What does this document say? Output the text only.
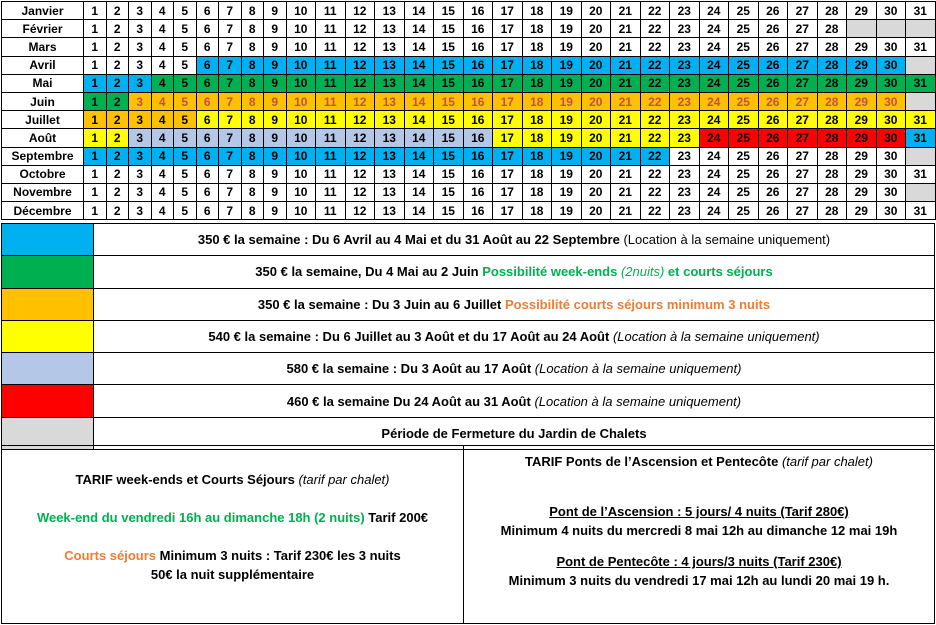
Janvier	1	2	3	4	5	6	7	8	9	10	11	12	13	14	15	16	17	18	19	20	21	22	23	24	25	26	27	28	29	30	31
Février	1	2	3	4	5	6	7	8	9	10	11	12	13	14	15	16	17	18	19	20	21	22	23	24	25	26	27	28			
Mars	1	2	3	4	5	6	7	8	9	10	11	12	13	14	15	16	17	18	19	20	21	22	23	24	25	26	27	28	29	30	31
Avril	1	2	3	4	5	6	7	8	9	10	11	12	13	14	15	16	17	18	19	20	21	22	23	24	25	26	27	28	29	30	
Mai	1	2	3	4	5	6	7	8	9	10	11	12	13	14	15	16	17	18	19	20	21	22	23	24	25	26	27	28	29	30	31
Juin	1	2	3	4	5	6	7	8	9	10	11	12	13	14	15	16	17	18	19	20	21	22	23	24	25	26	27	28	29	30	
Juillet	1	2	3	4	5	6	7	8	9	10	11	12	13	14	15	16	17	18	19	20	21	22	23	24	25	26	27	28	29	30	31
Août	1	2	3	4	5	6	7	8	9	10	11	12	13	14	15	16	17	18	19	20	21	22	23	24	25	26	27	28	29	30	31
Septembre	1	2	3	4	5	6	7	8	9	10	11	12	13	14	15	16	17	18	19	20	21	22	23	24	25	26	27	28	29	30	
Octobre	1	2	3	4	5	6	7	8	9	10	11	12	13	14	15	16	17	18	19	20	21	22	23	24	25	26	27	28	29	30	31
Novembre	1	2	3	4	5	6	7	8	9	10	11	12	13	14	15	16	17	18	19	20	21	22	23	24	25	26	27	28	29	30	
Décembre	1	2	3	4	5	6	7	8	9	10	11	12	13	14	15	16	17	18	19	20	21	22	23	24	25	26	27	28	29	30	31
	350 € la semaine : Du 6 Avril au 4 Mai et du 31 Août au 22 Septembre (Location à la semaine uniquement)
	350 € la semaine, Du 4 Mai au 2 Juin Possibilité week-ends (2nuits) et courts séjours
	350 € la semaine : Du 3 Juin au 6 Juillet Possibilité courts séjours minimum 3 nuits
	540 € la semaine : Du 6 Juillet au 3 Août et du 17 Août au 24 Août (Location à la semaine uniquement)
	580 € la semaine : Du 3 Août au 17 Août (Location à la semaine uniquement)
	460 € la semaine Du 24 Août au 31 Août (Location à la semaine uniquement)
	Période de Fermeture du Jardin de Chalets
TARIF week-ends et Courts Séjours (tarif par chalet)
Week-end du vendredi 16h au dimanche 18h (2 nuits) Tarif 200€
Courts séjours Minimum 3 nuits : Tarif 230€ les 3 nuits
50€ la nuit supplémentaire
TARIF Ponts de l’Ascension et Pentecôte (tarif par chalet)
Pont de l’Ascension : 5 jours/ 4 nuits (Tarif 280€)
Minimum 4 nuits du mercredi 8 mai 12h au dimanche 12 mai 19h
Pont de Pentecôte : 4 jours/3 nuits (Tarif 230€)
Minimum 3 nuits du vendredi 17 mai 12h au lundi 20 mai 19 h.
